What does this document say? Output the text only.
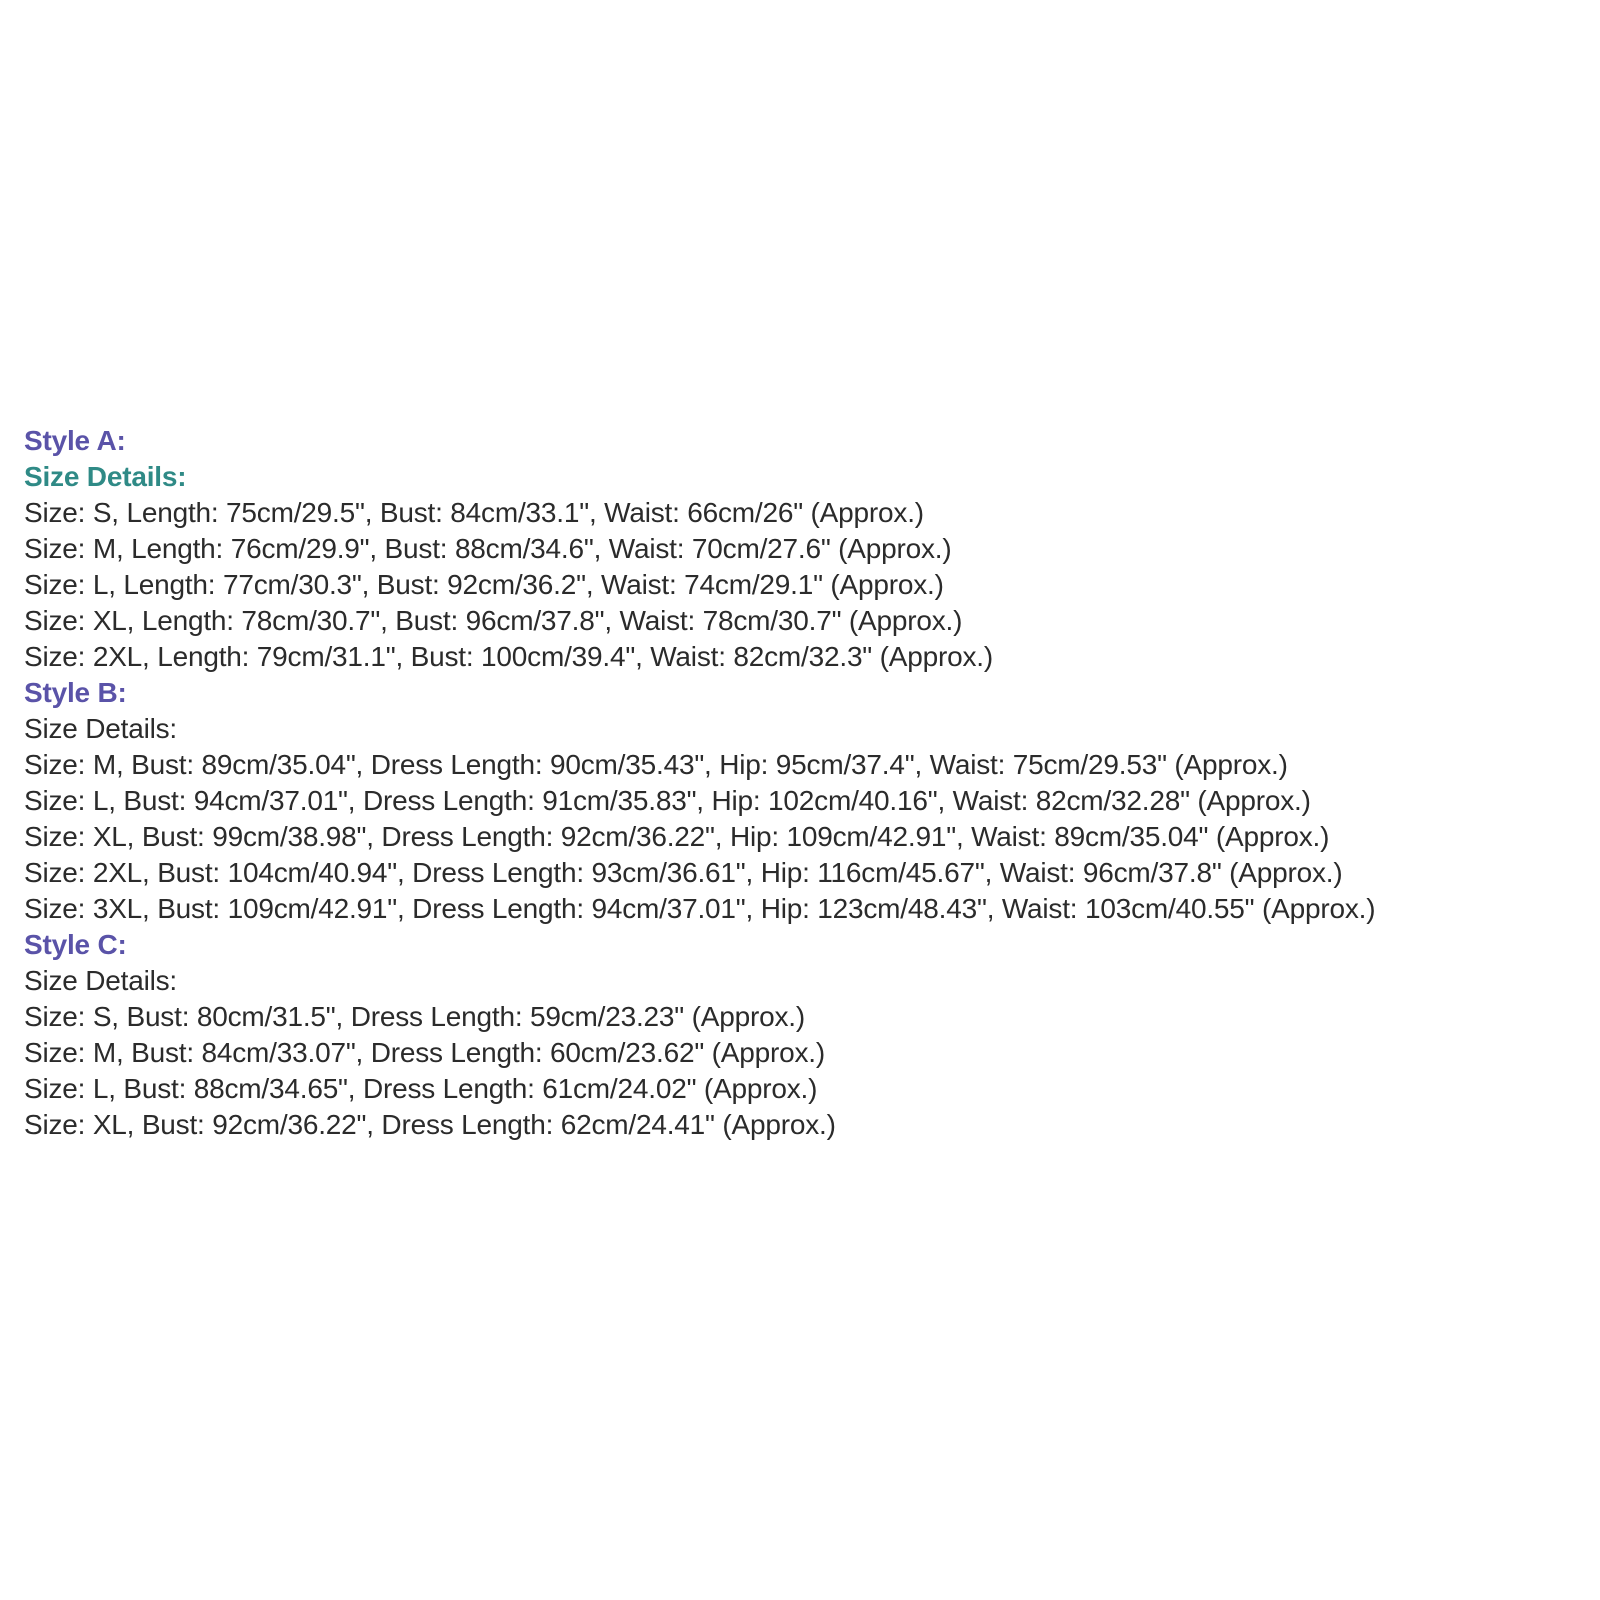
Style A:
Size Details:
Size: S, Length: 75cm/29.5", Bust: 84cm/33.1", Waist: 66cm/26" (Approx.)
Size: M, Length: 76cm/29.9", Bust: 88cm/34.6", Waist: 70cm/27.6" (Approx.)
Size: L, Length: 77cm/30.3", Bust: 92cm/36.2", Waist: 74cm/29.1" (Approx.)
Size: XL, Length: 78cm/30.7", Bust: 96cm/37.8", Waist: 78cm/30.7" (Approx.)
Size: 2XL, Length: 79cm/31.1", Bust: 100cm/39.4", Waist: 82cm/32.3" (Approx.)
Style B:
Size Details:
Size: M, Bust: 89cm/35.04", Dress Length: 90cm/35.43", Hip: 95cm/37.4", Waist: 75cm/29.53" (Approx.)
Size: L, Bust: 94cm/37.01", Dress Length: 91cm/35.83", Hip: 102cm/40.16", Waist: 82cm/32.28" (Approx.)
Size: XL, Bust: 99cm/38.98", Dress Length: 92cm/36.22", Hip: 109cm/42.91", Waist: 89cm/35.04" (Approx.)
Size: 2XL, Bust: 104cm/40.94", Dress Length: 93cm/36.61", Hip: 116cm/45.67", Waist: 96cm/37.8" (Approx.)
Size: 3XL, Bust: 109cm/42.91", Dress Length: 94cm/37.01", Hip: 123cm/48.43", Waist: 103cm/40.55" (Approx.)
Style C:
Size Details:
Size: S, Bust: 80cm/31.5", Dress Length: 59cm/23.23" (Approx.)
Size: M, Bust: 84cm/33.07", Dress Length: 60cm/23.62" (Approx.)
Size: L, Bust: 88cm/34.65", Dress Length: 61cm/24.02" (Approx.)
Size: XL, Bust: 92cm/36.22", Dress Length: 62cm/24.41" (Approx.)
